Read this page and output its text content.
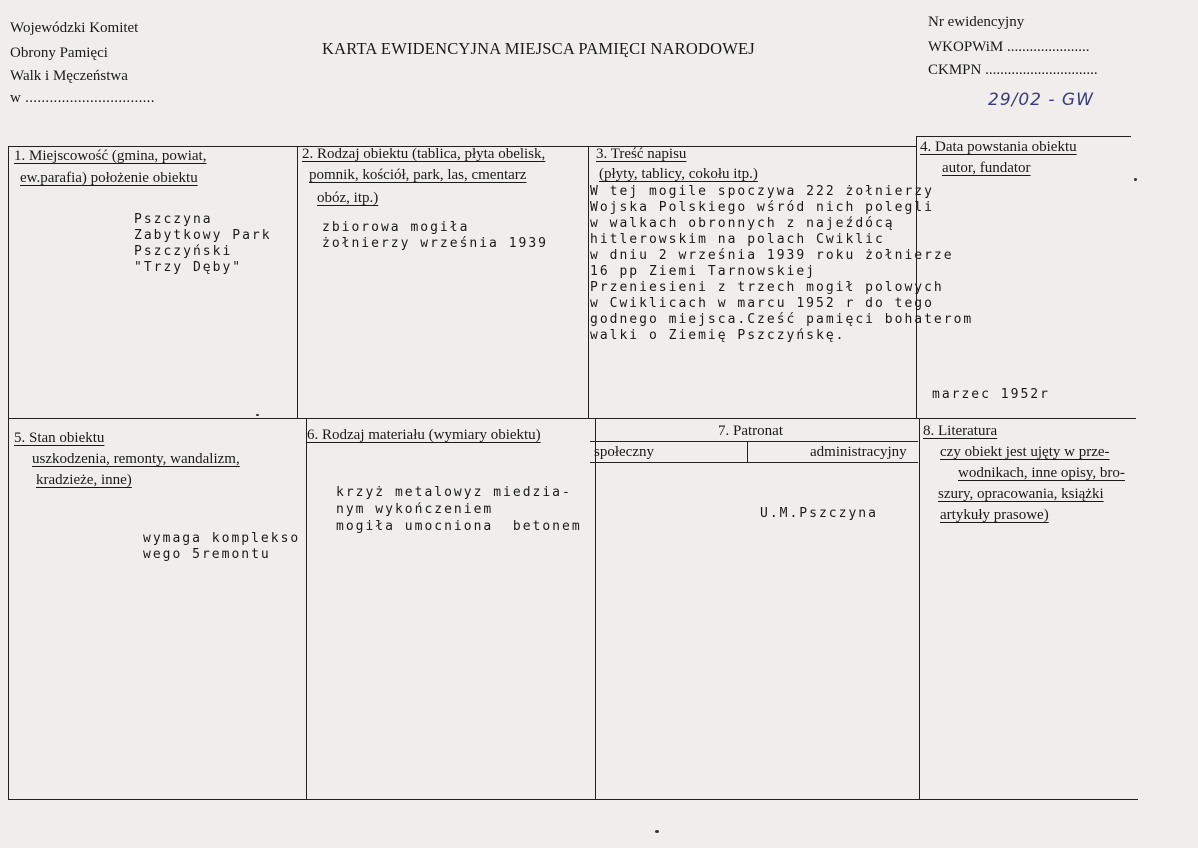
Wojewódzki Komitet
Obrony Pamięci
Walk i Męczeństwa
w ................................
KARTA EWIDENCYJNA MIEJSCA PAMIĘCI NARODOWEJ
Nr ewidencyjny
WKOPWiM ......................
CKMPN ..............................
29/02 - GW
1. Miejscowość (gmina, powiat,
ew.parafia) położenie obiektu
Pszczyna
Zabytkowy Park
Pszczyński
"Trzy Dęby"
2. Rodzaj obiektu (tablica, płyta obelisk,
pomnik, kościół, park, las, cmentarz
obóz, itp.)
zbiorowa mogiła
żołnierzy września 1939
3. Treść napisu
(płyty, tablicy, cokołu itp.)
W tej mogile spoczywa 222 żołnierzy
Wojska Polskiego wśród nich polegli
w walkach obronnych z najeźdócą
hitlerowskim na polach Cwiklic
w dniu 2 września 1939 roku żołnierze
16 pp Ziemi Tarnowskiej
Przeniesieni z trzech mogił polowych
w Cwiklicach w marcu 1952 r do tego
godnego miejsca.Cześć pamięci bohaterom
walki o Ziemię Pszczyńskę.
4. Data powstania obiektu
autor, fundator
marzec 1952r
5. Stan obiektu
uszkodzenia, remonty, wandalizm,
kradzieże, inne)
wymaga komplekso
wego 5remontu
6. Rodzaj materiału (wymiary obiektu)
krzyż metalowyz miedzia-
nym wykończeniem
mogiła umocniona  betonem
7. Patronat
społeczny	administracyjny
U.M.Pszczyna
8. Literatura
czy obiekt jest ujęty w prze-
wodnikach, inne opisy, bro-
szury, opracowania, książki
artykuły prasowe)
